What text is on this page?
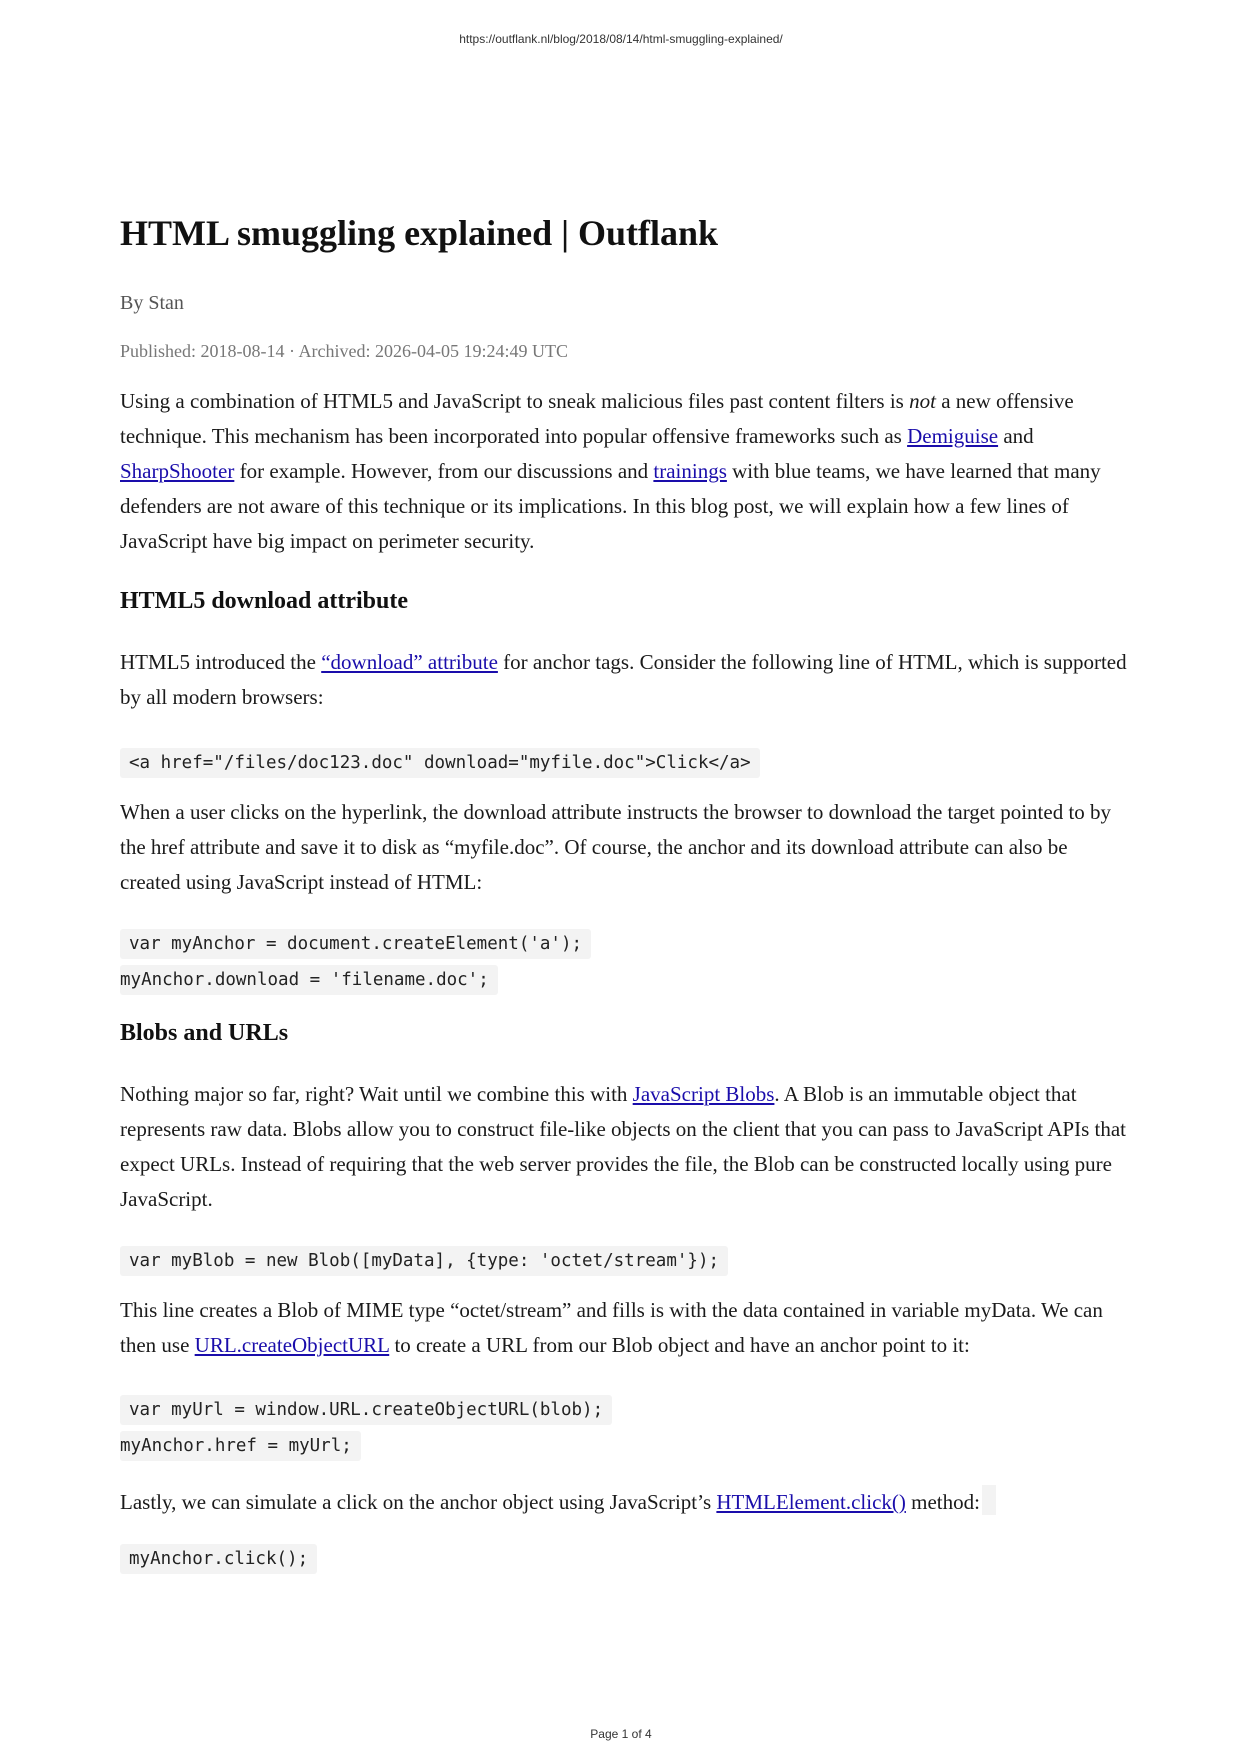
https://outflank.nl/blog/2018/08/14/html-smuggling-explained/
HTML smuggling explained | Outflank
By Stan
Published: 2018-08-14 · Archived: 2026-04-05 19:24:49 UTC

Using a combination of HTML5 and JavaScript to sneak malicious files past content filters is not a new offensive technique. This mechanism has been incorporated into popular offensive frameworks such as Demiguise and SharpShooter for example. However, from our discussions and trainings with blue teams, we have learned that many defenders are not aware of this technique or its implications. In this blog post, we will explain how a few lines of JavaScript have big impact on perimeter security.

HTML5 download attribute

HTML5 introduced the “download” attribute for anchor tags. Consider the following line of HTML, which is supported by all modern browsers:

<a href="/files/doc123.doc" download="myfile.doc">Click</a>

When a user clicks on the hyperlink, the download attribute instructs the browser to download the target pointed to by the href attribute and save it to disk as “myfile.doc”. Of course, the anchor and its download attribute can also be created using JavaScript instead of HTML:

var myAnchor = document.createElement('a');
myAnchor.download = 'filename.doc';
Blobs and URLs

Nothing major so far, right? Wait until we combine this with JavaScript Blobs. A Blob is an immutable object that represents raw data. Blobs allow you to construct file-like objects on the client that you can pass to JavaScript APIs that expect URLs. Instead of requiring that the web server provides the file, the Blob can be constructed locally using pure JavaScript.

var myBlob = new Blob([myData], {type: 'octet/stream'});

This line creates a Blob of MIME type “octet/stream” and fills is with the data contained in variable myData. We can then use URL.createObjectURL to create a URL from our Blob object and have an anchor point to it:

var myUrl = window.URL.createObjectURL(blob);
myAnchor.href = myUrl;

Lastly, we can simulate a click on the anchor object using JavaScript’s HTMLElement.click() method:

myAnchor.click();
Page 1 of 4
